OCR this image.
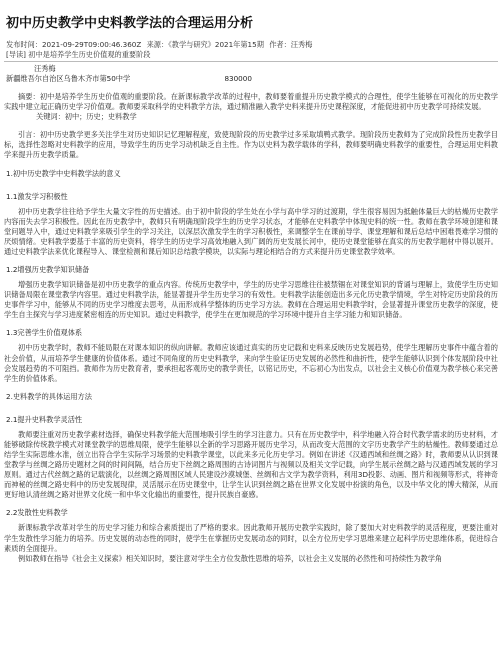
初中历史教学中史料教学法的合理运用分析
发布时间：2021-09-29T09:00:46.360Z 来源：《教学与研究》2021年第15期 作者：汪秀梅
[导读] 初中是培养学生历史价值观的重要阶段
汪秀梅
新疆维吾尔自治区乌鲁木齐市第50中学	830000

摘要：初中是培养学生历史价值观的重要阶段。在新课标教学改革的过程中，教师要着重提升历史教学模式的合理性，使学生能够在可视化的历史教学实践中建立起正确历史学习价值观。教师要采取科学的史料教学方法，通过精准融入教学史料来提升历史课程深度，才能促进初中历史教学可持续发展。

关键词：初中；历史；史料教学

引言：初中历史教学更多关注学生对历史知识记忆理解程度，致使现阶段的历史教学过多采取填鸭式教学。现阶段历史教师为了完成阶段性历史教学目标，选择性忽略对史料教学的应用，导致学生的历史学习动机缺乏自主性。作为以史料为教学载体的学科，教师要明确史料教学的重要性，合理运用史料教学来提升历史教学质量。

1.初中历史教学中史料教学法的意义
1.1激发学习积极性

初中历史教学往往给予学生大量文字性的历史描述。由于初中阶段的学生处在小学与高中学习的过渡期，学生很容易因为抵触体量巨大的枯燥历史教学内容而失去学习积极性。因此在历史教学中，教师只有明确现阶段学生的历史学习状态，才能够在史料教学中体现史料的统一性。教师在教学环境创建和课堂问题导入中，通过史料教学来吸引学生的学习关注，以深层次激发学生的学习积极性，来调整学生在课前导学、课堂理解和课后总结中困难畏难学习惯的厌烦情绪。史料教学要基于丰富的历史资料，将学生的历史学习高效地融入到广阔的历史发展长河中，使历史课堂能够在真实的历史教学题材中得以展开。通过史料教学法来优化课程导入、课堂检测和课后知识总结教学模块，以实际与理论相结合的方式来提升历史课堂教学效率。

1.2增强历史教学知识储备

增强历史教学知识储备是初中历史教学的重点内容。传统历史教学中，学生的历史学习思维往往被禁锢在对课堂知识的背诵与理解上，致使学生历史知识储备局限在课堂教学内容里。通过史料教学法，能显著提升学生历史学习的有效性。史料教学法能创造出多元化历史教学情境，学生对特定历史阶段的历史事件学习中，能够从不同的历史学习维度去思考，从而形成科学整体的历史学习方法。教师在合理运用史料教学时，会显著提升课堂历史教学的深度，使学生自主探究与学习进度紧密相连的历史知识。通过史料教学，使学生在更加规范的学习环境中提升自主学习能力和知识储备。

1.3完善学生价值观体系

初中历史教学时，教师不能局限在对课本知识的纵向讲解。教师应该通过真实的历史记载和史料来反映历史发展趋势，使学生理解历史事件中蕴含着的社会价值，从而培养学生健康的价值体系。通过不同角度的历史史料教学，来向学生验证历史发展的必然性和曲折性，使学生能够认识到个体发展阶段中社会发展趋势的不可阻挡。教师作为历史教育者，要承担起客观历史的教学责任，以铭记历史，不忘初心为出发点，以社会主义核心价值观为教学核心来完善学生的价值体系。

2.史料教学的具体运用方法
2.1提升史料教学灵活性

教师要注重对历史教学素材选择，确保史料教学能大范围地吸引学生的学习注意力。只有在历史教学中，科学地融入符合时代教学需求的历史材料，才能够破除传统教学模式对课堂教学的思维局限，使学生能够以全新的学习思路开展历史学习，从而改变大范围的文字历史教学产生的枯燥性。教师要通过总结学生实际思维水准，创立出符合学生实际学习场景的史料教学课堂，以此来多元化历史学习。例如在讲述《汉通西域和丝绸之路》时，教师要从认识到课堂教学与丝绸之路历史题材之间的时间间隔，结合历史下丝绸之路周围的古诗词图片与视频以及相关文学记载，向学生展示丝绸之路与汉通西域发展的学习原则。通过古代丝绸之路的记载演化，以丝绸之路周围区域人民建设沙漠城堡、丝绸和古文学为教学资料，利用3D投影、动画、图片和视频等形式，将神奇而神秘的丝绸之路史料中的历史发展现律，灵活展示在历史课堂中，让学生认识到丝绸之路在世界文化发展中扮演的角色，以及中华文化的博大精深，从而更好地认清丝绸之路对世界文化统一和中华文化输出的重要性，提升民族自豪感。

2.2发散性史料教学

新课标教学改革对学生的历史学习能力和综合素质提出了严格的要求。因此教师开展历史教学实践时，除了要加大对史料教学的灵活程度，更要注重对学生发散性学习能力的培养。历史发展的动态性的同时，使学生在掌握历史发展动态的同时，以全方位历史学习思维来建立起科学历史思维体系，促进综合素质的全面提升。

例如教师在指导《社会主义探索》相关知识时，要注意对学生全方位发散性思维的培养，以社会主义发展的必然性和可持续性为教学角
